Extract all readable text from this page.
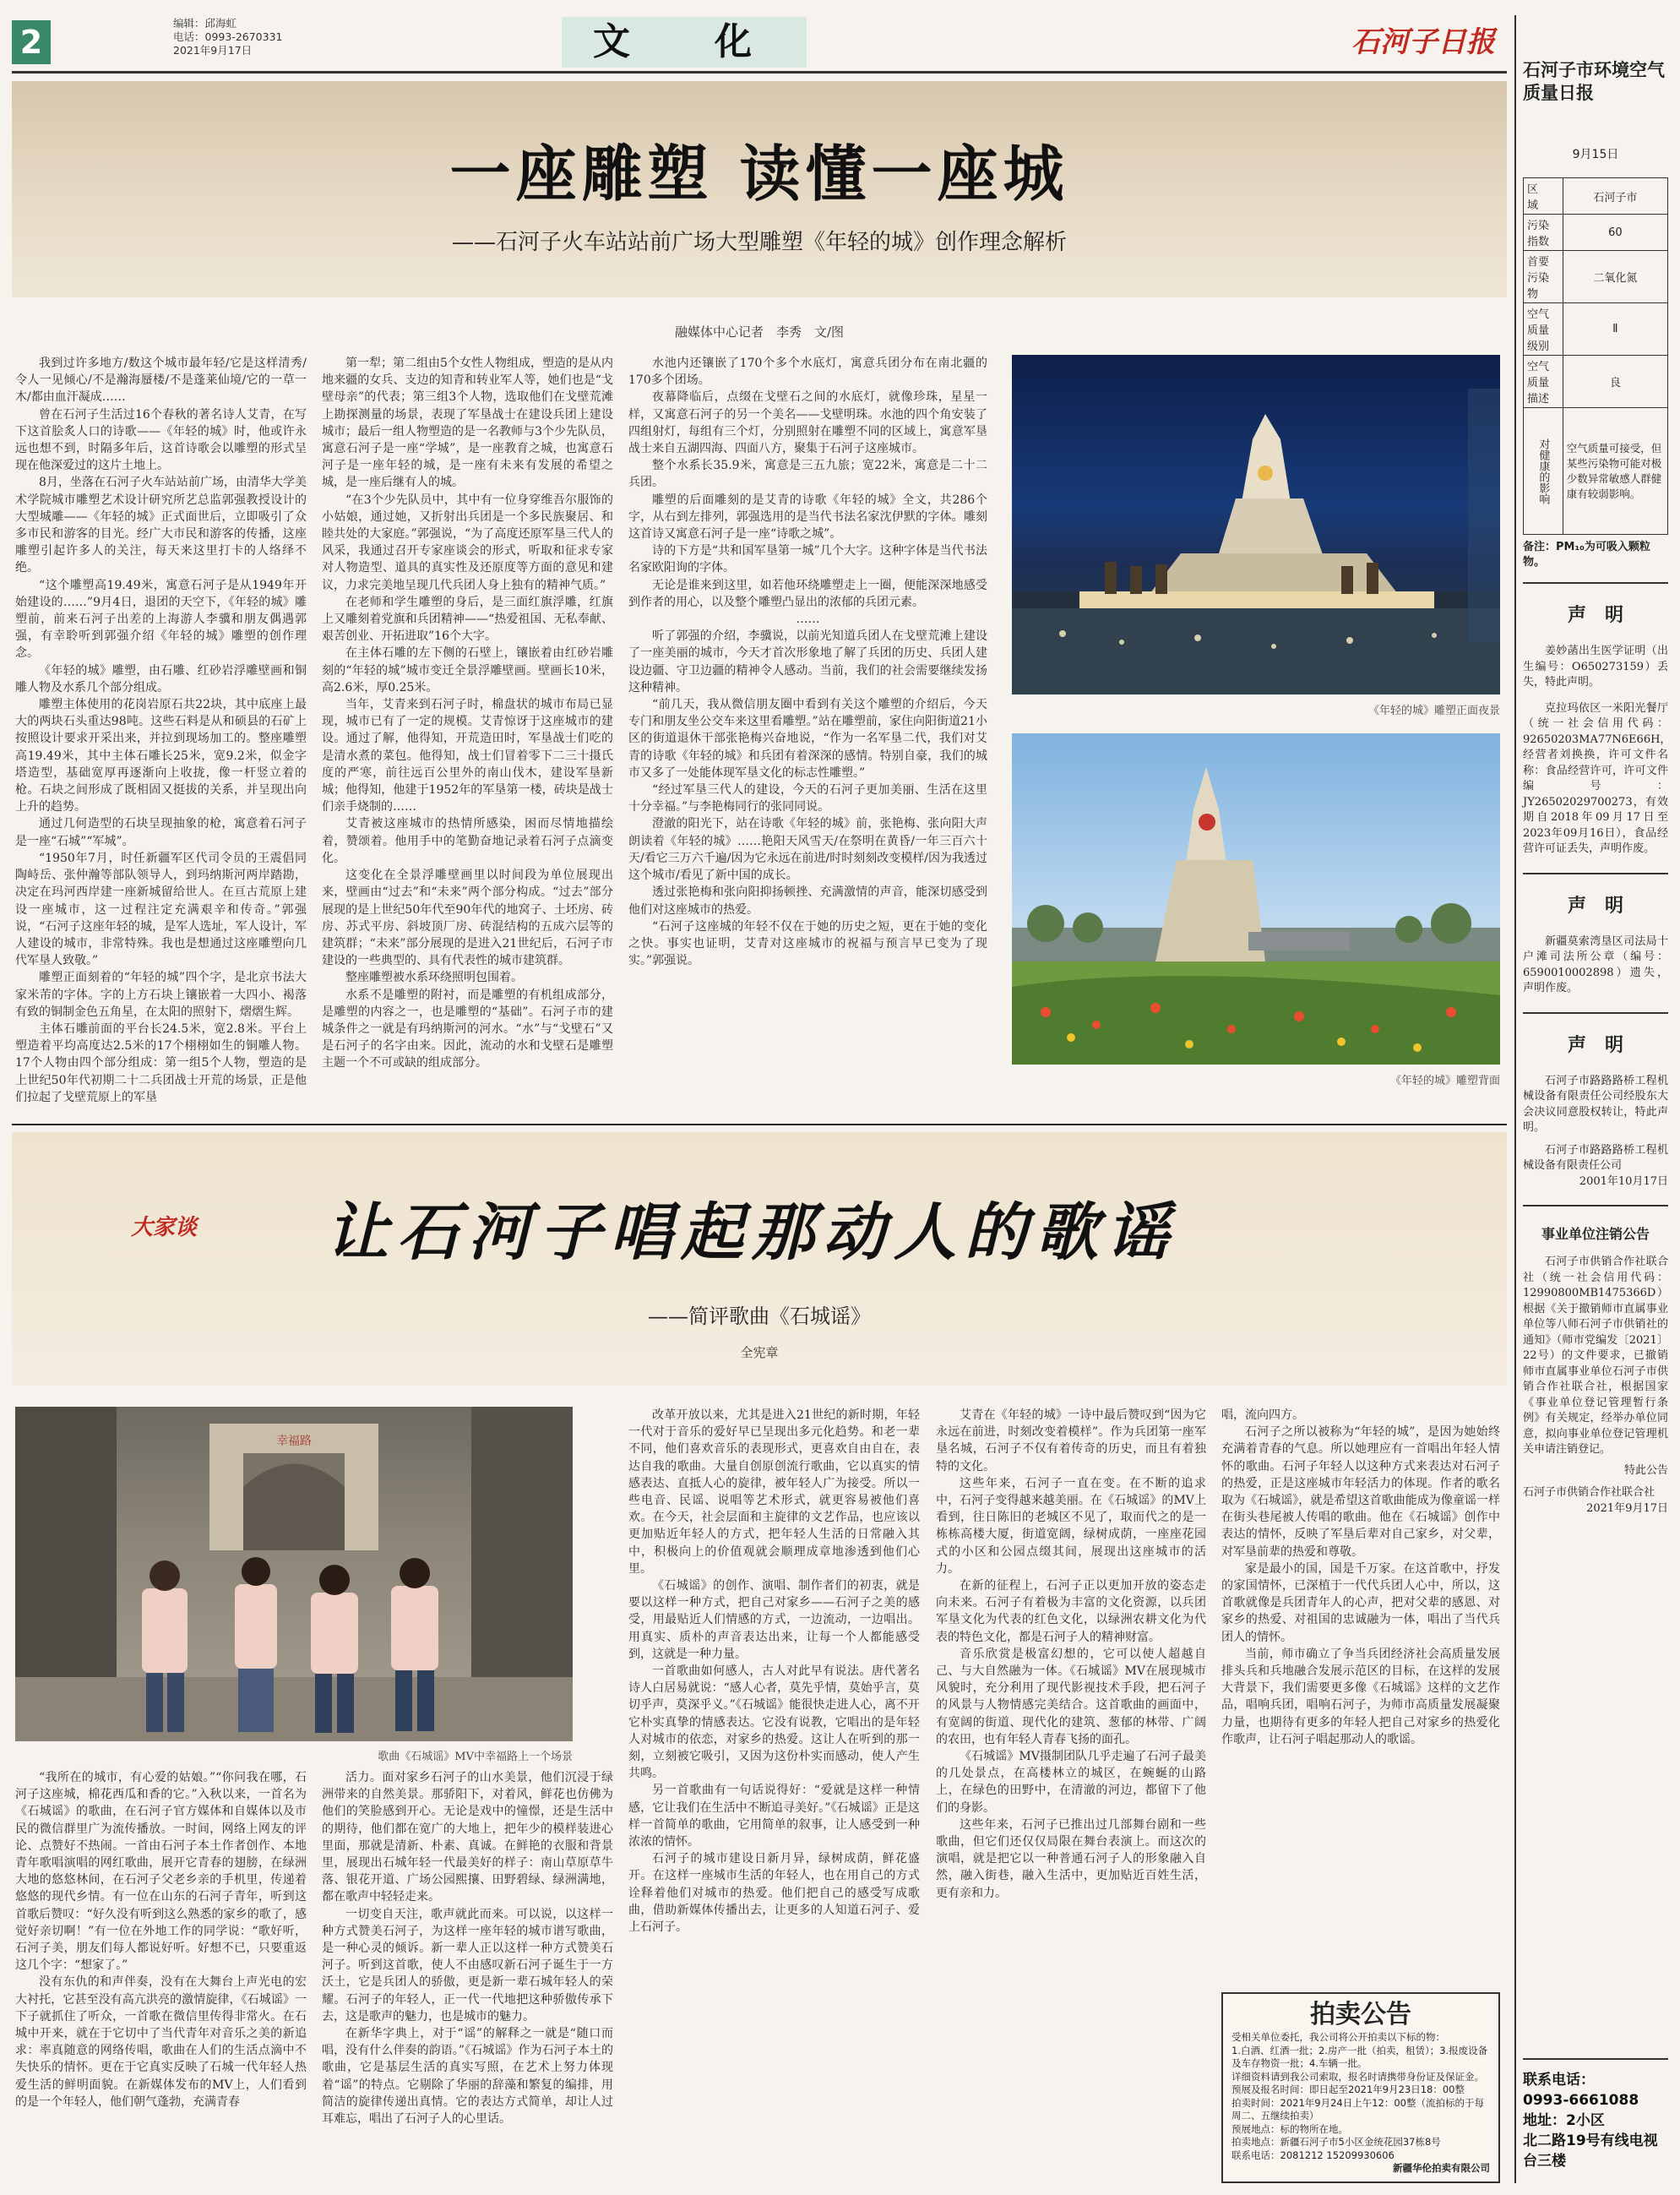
2
编辑：邱海虹
电话：0993-2670331
2021年9月17日	文　化	石河子日报
一座雕塑 读懂一座城
——石河子火车站站前广场大型雕塑《年轻的城》创作理念解析
融媒体中心记者　李秀　文/图

我到过许多地方/数这个城市最年轻/它是这样清秀/令人一见倾心/不是瀚海蜃楼/不是蓬莱仙境/它的一草一木/都由血汗凝成……

曾在石河子生活过16个春秋的著名诗人艾青，在写下这首脍炙人口的诗歌——《年轻的城》时，他或许永远也想不到，时隔多年后，这首诗歌会以雕塑的形式呈现在他深爱过的这片土地上。

8月，坐落在石河子火车站站前广场，由清华大学美术学院城市雕塑艺术设计研究所艺总监郭强教授设计的大型城雕——《年轻的城》正式面世后，立即吸引了众多市民和游客的目光。经广大市民和游客的传播，这座雕塑引起许多人的关注，每天来这里打卡的人络绎不绝。

“这个雕塑高19.49米，寓意石河子是从1949年开始建设的……”9月4日，退团的天空下，《年轻的城》雕塑前，前来石河子出差的上海游人李骥和朋友偶遇郭强，有幸聆听到郭强介绍《年轻的城》雕塑的创作理念。

《年轻的城》雕塑，由石雕、红砂岩浮雕壁画和铜雕人物及水系几个部分组成。

雕塑主体使用的花岗岩原石共22块，其中底座上最大的两块石头重达98吨。这些石料是从和硕县的石矿上按照设计要求开采出来，并拉到现场加工的。整座雕塑高19.49米，其中主体石雕长25米，宽9.2米，似金字塔造型，基础宽厚再逐渐向上收拢，像一杆竖立着的枪。石块之间形成了既相固又挺拔的关系，并呈现出向上升的趋势。

通过几何造型的石块呈现抽象的枪，寓意着石河子是一座“石城”“军城”。

“1950年7月，时任新疆军区代司令员的王震倡同陶峙岳、张仲瀚等部队领导人，到玛纳斯河两岸踏勘，决定在玛河西岸建一座新城留给世人。在亘古荒原上建设一座城市，这一过程注定充满艰辛和传奇。”郭强说，“石河子这座年轻的城，是军人选址，军人设计，军人建设的城市，非常特殊。我也是想通过这座雕塑向几代军垦人致敬。”

雕塑正面刻着的“年轻的城”四个字，是北京书法大家米芾的字体。字的上方石块上镶嵌着一大四小、褐落有致的铜制金色五角星，在太阳的照射下，熠熠生辉。

主体石雕前面的平台长24.5米，宽2.8米。平台上塑造着平均高度达2.5米的17个栩栩如生的铜雕人物。17个人物由四个部分组成：第一组5个人物，塑造的是上世纪50年代初期二十二兵团战士开荒的场景，正是他们拉起了戈壁荒原上的军垦

第一犁；第二组由5个女性人物组成，塑造的是从内地来疆的女兵、支边的知青和转业军人等，她们也是“戈壁母亲”的代表；第三组3个人物，选取他们在戈壁荒滩上勘探测量的场景，表现了军垦战士在建设兵团上建设城市；最后一组人物塑造的是一名教师与3个少先队员，寓意石河子是一座“学城”，是一座教育之城，也寓意石河子是一座年轻的城，是一座有未来有发展的希望之城，是一座后继有人的城。

“在3个少先队员中，其中有一位身穿维吾尔服饰的小姑娘，通过她，又折射出兵团是一个多民族聚居、和睦共处的大家庭。”郭强说，“为了高度还原军垦三代人的风采，我通过召开专家座谈会的形式，听取和征求专家对人物造型、道具的真实性及还原度等方面的意见和建议，力求完美地呈现几代兵团人身上独有的精神气质。”

在老师和学生雕塑的身后，是三面红旗浮雕，红旗上又雕刻着党旗和兵团精神——“热爱祖国、无私奉献、艰苦创业、开拓进取”16个大字。

在主体石雕的左下侧的石壁上，镶嵌着由红砂岩雕刻的“年轻的城”城市变迁全景浮雕壁画。壁画长10米，高2.6米，厚0.25米。

当年，艾青来到石河子时，棉盘状的城市布局已显现，城市已有了一定的规模。艾青惊讶于这座城市的建设。通过了解，他得知，开荒造田时，军垦战士们吃的是清水煮的菜包。他得知，战士们冒着零下二三十摄氏度的严寒，前往远百公里外的南山伐木，建设军垦新城；他得知，他建于1952年的军垦第一楼，砖块是战士们亲手烧制的……

艾青被这座城市的热情所感染，困而尽情地描绘着，赞颂着。他用手中的笔勤奋地记录着石河子点滴变化。

这变化在全景浮雕壁画里以时间段为单位展现出来，壁画由“过去”和“未来”两个部分构成。“过去”部分展现的是上世纪50年代至90年代的地窝子、土坯房、砖房、苏式平房、斜坡顶厂房、砖混结构的五成六层等的建筑群；“未来”部分展现的是进入21世纪后，石河子市建设的一些典型的、具有代表性的城市建筑群。

整座雕塑被水系环绕照明包围着。

水系不是雕塑的附衬，而是雕塑的有机组成部分，是雕塑的内容之一，也是雕塑的“基础”。石河子市的建城条件之一就是有玛纳斯河的河水。“水”与“戈壁石”又是石河子的名字由来。因此，流动的水和戈壁石是雕塑主题一个不可或缺的组成部分。

水池内还镶嵌了170个多个水底灯，寓意兵团分布在南北疆的170多个团场。

夜幕降临后，点缀在戈壁石之间的水底灯，就像珍珠，星星一样，又寓意石河子的另一个美名——戈壁明珠。水池的四个角安装了四组射灯，每组有三个灯，分别照射在雕塑不同的区域上，寓意军垦战士来自五湖四海、四面八方，聚集于石河子这座城市。

整个水系长35.9米，寓意是三五九旅；宽22米，寓意是二十二兵团。

雕塑的后面雕刻的是艾青的诗歌《年轻的城》全文，共286个字，从右到左排列，郭强选用的是当代书法名家沈伊默的字体。雕刻这首诗又寓意石河子是一座“诗歌之城”。

诗的下方是“共和国军垦第一城”几个大字。这种字体是当代书法名家欧阳询的字体。

无论是谁来到这里，如若他环绕雕塑走上一圈，便能深深地感受到作者的用心，以及整个雕塑凸显出的浓郁的兵团元素。

……

听了郭强的介绍，李骥说，以前光知道兵团人在戈壁荒滩上建设了一座美丽的城市，今天才首次形象地了解了兵团的历史、兵团人建设边疆、守卫边疆的精神令人感动。当前，我们的社会需要继续发扬这种精神。

“前几天，我从微信朋友圈中看到有关这个雕塑的介绍后，今天专门和朋友坐公交车来这里看雕塑。”站在雕塑前，家住向阳街道21小区的街道退休干部张艳梅兴奋地说，“作为一名军垦二代，我们对艾青的诗歌《年轻的城》和兵团有着深深的感情。特别自豪，我们的城市又多了一处能体现军垦文化的标志性雕塑。”

“经过军垦三代人的建设，今天的石河子更加美丽、生活在这里十分幸福。”与李艳梅同行的张同同说。

澄澈的阳光下，站在诗歌《年轻的城》前，张艳梅、张向阳大声朗读着《年轻的城》……艳阳天风雪天/在祭明在黄昏/一年三百六十天/看它三万六千遍/因为它永远在前进/时时刻刻改变模样/因为我透过这个城市/看见了新中国的成长。

透过张艳梅和张向阳抑扬顿挫、充满激情的声音，能深切感受到他们对这座城市的热爱。

“石河子这座城的年轻不仅在于她的历史之短，更在于她的变化之快。事实也证明，艾青对这座城市的祝福与预言早已变为了现实。”郭强说。

《年轻的城》雕塑正面夜景
《年轻的城》雕塑背面
大家谈	让石河子唱起那动人的歌谣
——简评歌曲《石城谣》
全宪章
幸福路
歌曲《石城谣》MV中幸福路上一个场景

“我所在的城市，有心爱的姑娘。”“你问我在哪，石河子这座城，棉花西瓜和香的它。”入秋以来，一首名为《石城谣》的歌曲，在石河子官方媒体和自媒体以及市民的微信群里广为流传播放。一时间，网络上网友的评论、点赞好不热闹。一首由石河子本土作者创作、本地青年歌唱演唱的网红歌曲，展开它青春的翅膀，在绿洲大地的悠悠林间，在石河子父老乡亲的手机里，传递着悠悠的现代乡情。有一位在山东的石河子青年，听到这首歌后赞叹：“好久没有听到这么熟悉的家乡的歌了，感觉好亲切啊！”有一位在外地工作的同学说：“歌好听，石河子美，朋友们每人都说好听。好想不已，只要重返这几个字：“想家了。”

没有东仇的和声伴奏，没有在大舞台上声光电的宏大衬托，它甚至没有高亢洪亮的激情旋律，《石城谣》一下子就抓住了听众，一首歌在微信里传得非常火。在石城中开来，就在于它切中了当代青年对音乐之美的新追求：率真随意的网络传唱，歌曲在人们的生活点滴中不失快乐的情怀。更在于它真实反映了石城一代年轻人热爱生活的鲜明面貌。在新媒体发布的MV上，人们看到的是一个年轻人，他们朝气蓬勃，充满青春

活力。面对家乡石河子的山水美景，他们沉浸于绿洲带来的自然美景。那骄阳下，对着风，鲜花也仿佛为他们的笑脸感到开心。无论是戏中的憧憬，还是生活中的期待，他们都在宽广的大地上，把年少的模样装进心里面，那就是清新、朴素、真诚。在鲜艳的衣服和背景里，展现出石城年轻一代最美好的样子：南山草原草牛落、银花开道、广场公园熙攘、田野碧绿、绿洲满地，都在歌声中轻轻走来。

一切变自天注，歌声就此而来。可以说，以这样一种方式赞美石河子，为这样一座年轻的城市谱写歌曲，是一种心灵的倾诉。新一辈人正以这样一种方式赞美石河子。听到这首歌，使人不由感叹新石河子诞生于一方沃土，它是兵团人的骄傲，更是新一辈石城年轻人的荣耀。石河子的年轻人，正一代一代地把这种骄傲传承下去，这是歌声的魅力，也是城市的魅力。

在新华字典上，对于“谣”的解释之一就是“随口而唱，没有什么伴奏的韵语。”《石城谣》作为石河子本土的歌曲，它是基层生活的真实写照，在艺术上努力体现着“谣”的特点。它剔除了华丽的辞藻和繁复的编排，用简洁的旋律传递出真情。它的表达方式简单，却让人过耳难忘，唱出了石河子人的心里话。

改革开放以来，尤其是进入21世纪的新时期，年轻一代对于音乐的爱好早已呈现出多元化趋势。和老一辈不同，他们喜欢音乐的表现形式，更喜欢自由自在，表达自我的歌曲。大量自创原创流行歌曲，它以真实的情感表达、直抵人心的旋律，被年轻人广为接受。所以一些电音、民谣、说唱等艺术形式，就更容易被他们喜欢。在今天，社会层面和主旋律的文艺作品，也应该以更加贴近年轻人的方式，把年轻人生活的日常融入其中，积极向上的价值观就会顺理成章地渗透到他们心里。

《石城谣》的创作、演唱、制作者们的初衷，就是要以这样一种方式，把自己对家乡——石河子之美的感受，用最贴近人们情感的方式，一边流动，一边唱出。用真实、质朴的声音表达出来，让每一个人都能感受到，这就是一种力量。

一首歌曲如何感人，古人对此早有说法。唐代著名诗人白居易就说：“感人心者，莫先乎情，莫始乎言，莫切乎声，莫深乎义。”《石城谣》能很快走进人心，离不开它朴实真挚的情感表达。它没有说教，它唱出的是年轻人对城市的依恋，对家乡的热爱。这让人在听到的那一刻，立刻被它吸引，又因为这份朴实而感动，使人产生共鸣。

另一首歌曲有一句话说得好：“爱就是这样一种情感，它让我们在生活中不断追寻美好。”《石城谣》正是这样一首简单的歌曲，它用简单的叙事，让人感受到一种浓浓的情怀。

石河子的城市建设日新月异，绿树成荫，鲜花盛开。在这样一座城市生活的年轻人，也在用自己的方式诠释着他们对城市的热爱。他们把自己的感受写成歌曲，借助新媒体传播出去，让更多的人知道石河子、爱上石河子。

艾青在《年轻的城》一诗中最后赞叹到“因为它永远在前进，时刻改变着模样”。作为兵团第一座军垦名城，石河子不仅有着传奇的历史，而且有着独特的文化。

这些年来，石河子一直在变。在不断的追求中，石河子变得越来越美丽。在《石城谣》的MV上看到，往日陈旧的老城区不见了，取而代之的是一栋栋高楼大厦，街道宽阔，绿树成荫，一座座花园式的小区和公园点缀其间，展现出这座城市的活力。

在新的征程上，石河子正以更加开放的姿态走向未来。石河子有着极为丰富的文化资源，以兵团军垦文化为代表的红色文化，以绿洲农耕文化为代表的特色文化，都是石河子人的精神财富。

音乐欣赏是极富幻想的，它可以使人超越自己、与大自然融为一体。《石城谣》MV在展现城市风貌时，充分利用了现代影视技术手段，把石河子的风景与人物情感完美结合。这首歌曲的画面中，有宽阔的街道、现代化的建筑、葱郁的林带、广阔的农田，也有年轻人青春飞扬的面孔。

《石城谣》MV摄制团队几乎走遍了石河子最美的几处景点，在高楼林立的城区，在蜿蜒的山路上，在绿色的田野中，在清澈的河边，都留下了他们的身影。

这些年来，石河子已推出过几部舞台剧和一些歌曲，但它们还仅仅局限在舞台表演上。而这次的演唱，就是把它以一种普通石河子人的形象融入自然，融入街巷，融入生活中，更加贴近百姓生活，更有亲和力。

唱，流向四方。

石河子之所以被称为“年轻的城”，是因为她始终充满着青春的气息。所以她理应有一首唱出年轻人情怀的歌曲。石河子年轻人以这种方式来表达对石河子的热爱，正是这座城市年轻活力的体现。作者的歌名取为《石城谣》，就是希望这首歌曲能成为像童谣一样在街头巷尾被人传唱的歌曲。他在《石城谣》创作中表达的情怀，反映了军垦后辈对自己家乡，对父辈，对军垦前辈的热爱和尊敬。

家是最小的国，国是千万家。在这首歌中，抒发的家国情怀，已深植于一代代兵团人心中，所以，这首歌就像是兵团青年人的心声，把对父辈的感恩、对家乡的热爱、对祖国的忠诚融为一体，唱出了当代兵团人的情怀。

当前，师市确立了争当兵团经济社会高质量发展排头兵和兵地融合发展示范区的目标，在这样的发展大背景下，我们需要更多像《石城谣》这样的文艺作品，唱响兵团，唱响石河子，为师市高质量发展凝聚力量，也期待有更多的年轻人把自己对家乡的热爱化作歌声，让石河子唱起那动人的歌谣。

拍卖公告
受相关单位委托，我公司将公开拍卖以下标的物：
1.白酒、红酒一批；2.房产一批（拍卖，租赁）；3.报废设备及车存物资一批；4.车辆一批。
详细资料请到我公司索取，报名时请携带身份证及保证金。
预展及报名时间：即日起至2021年9月23日18：00整
拍卖时间：2021年9月24日上午12：00整（流拍标的于每周二、五继续拍卖）
预展地点：标的物所在地。
拍卖地点：新疆石河子市5小区金统花园37栋8号
联系电话：2081212 15209930606
新疆华伦拍卖有限公司
石河子市环境空气质量日报
9月15日
区　域	石河子市
污染指数	60
首要污染物	二氧化氮
空气质量级别	Ⅱ
空气质量描述	良
对健康的影响	空气质量可接受，但某些污染物可能对极少数异常敏感人群健康有较弱影响。
备注：PM₁₀为可吸入颗粒物。
声　明

姜妙菡出生医学证明（出生编号：O650273159）丢失，特此声明。

克拉玛依区一米阳光餐厅（统一社会信用代码：92650203MA77N6E66H，经营者刘换换，许可文件名称：食品经营许可，许可文件编号：JY26502029700273，有效期自2018年09月17日至2023年09月16日），食品经营许可证丢失，声明作废。

声　明

新疆莫索湾垦区司法局十户滩司法所公章（编号：6590010002898）遗失，声明作废。

声　明

石河子市路路路桥工程机械设备有限责任公司经股东大会决议同意股权转让，特此声明。

石河子市路路路桥工程机械设备有限责任公司

2001年10月17日

事业单位注销公告

石河子市供销合作社联合社（统一社会信用代码：12990800MB1475366D）根据《关于撤销师市直属事业单位等八师石河子市供销社的通知》（师市党编发〔2021〕22号）的文件要求，已撤销师市直属事业单位石河子市供销合作社联合社，根据国家《事业单位登记管理暂行条例》有关规定，经举办单位同意，拟向事业单位登记管理机关申请注销登记。

特此公告

石河子市供销合作社联合社

2021年9月17日

联系电话：
0993-6661088
地址：2小区
北二路19号有线电视台三楼
